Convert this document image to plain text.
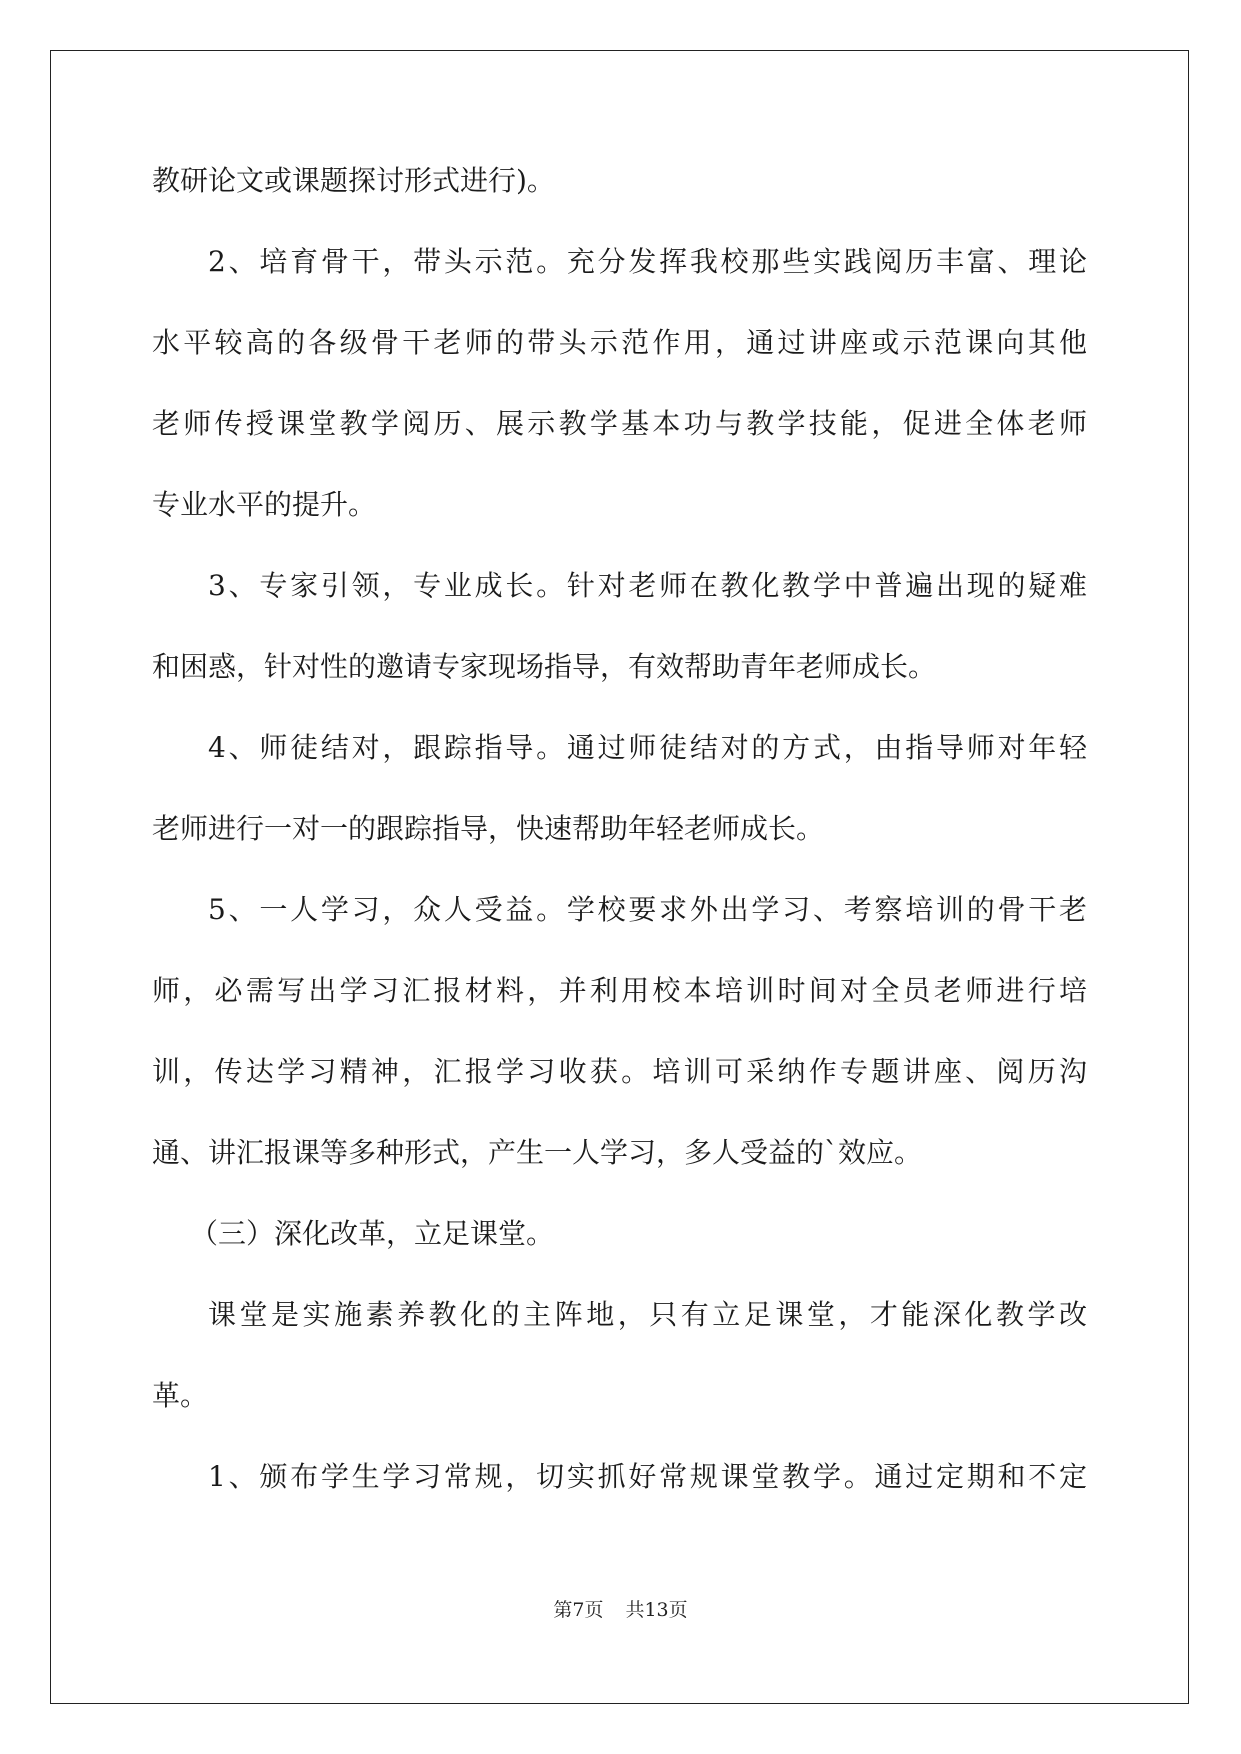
教研论文或课题探讨形式进行)。

2、培育骨干，带头示范。充分发挥我校那些实践阅历丰富、理论

水平较高的各级骨干老师的带头示范作用，通过讲座或示范课向其他

老师传授课堂教学阅历、展示教学基本功与教学技能，促进全体老师

专业水平的提升。

3、专家引领，专业成长。针对老师在教化教学中普遍出现的疑难

和困惑，针对性的邀请专家现场指导，有效帮助青年老师成长。

4、师徒结对，跟踪指导。通过师徒结对的方式，由指导师对年轻

老师进行一对一的跟踪指导，快速帮助年轻老师成长。

5、一人学习，众人受益。学校要求外出学习、考察培训的骨干老

师，必需写出学习汇报材料，并利用校本培训时间对全员老师进行培

训，传达学习精神，汇报学习收获。培训可采纳作专题讲座、阅历沟

通、讲汇报课等多种形式，产生一人学习，多人受益的`效应。

（三）深化改革，立足课堂。

课堂是实施素养教化的主阵地，只有立足课堂，才能深化教学改

革。

1、颁布学生学习常规，切实抓好常规课堂教学。通过定期和不定

第7页 共13页
